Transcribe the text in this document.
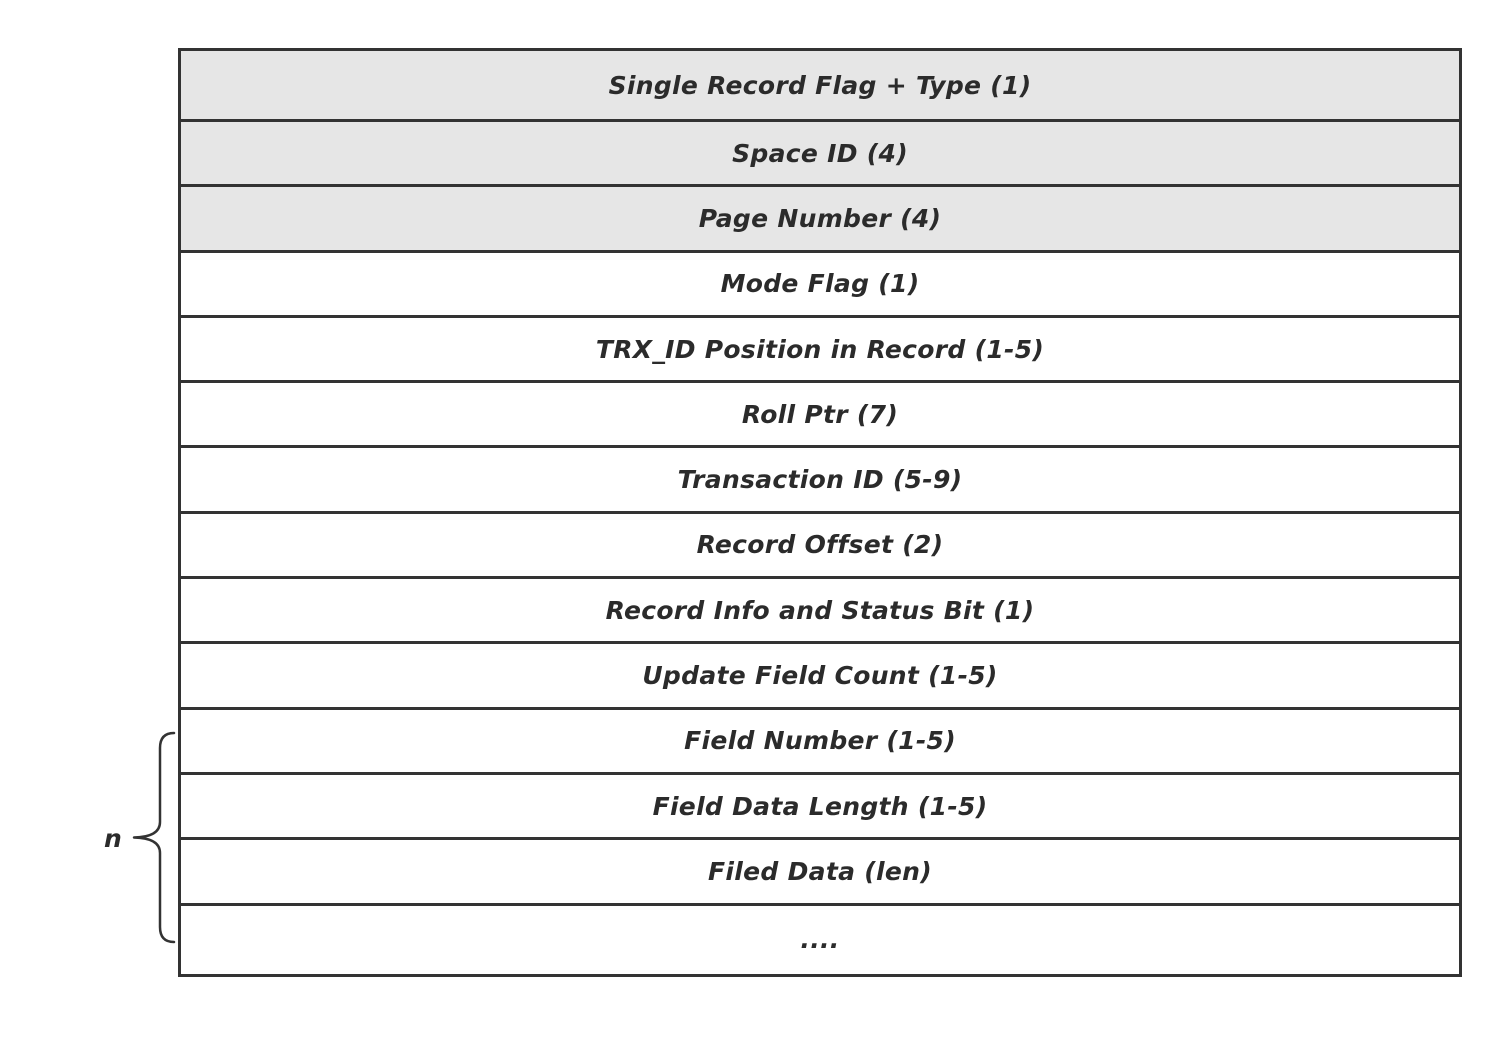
Single Record Flag + Type (1)
Space ID (4)
Page Number (4)
Mode Flag (1)
TRX_ID Position in Record (1-5)
Roll Ptr (7)
Transaction ID (5-9)
Record Offset (2)
Record Info and Status Bit (1)
Update Field Count (1-5)
Field Number (1-5)
Field Data Length (1-5)
Filed Data (len)
....
n
